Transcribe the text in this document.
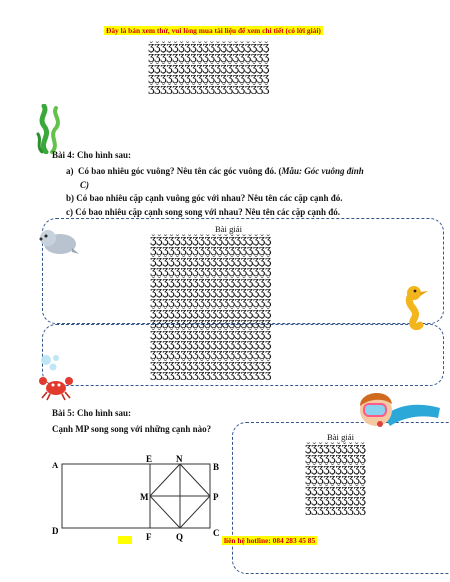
Đây là bản xem thử, vui lòng mua tài liệu để xem chi tiết (có lời giải)
ǮǮǮǮǮǮǮǮǮǮǮǮǮǮǮǮǮǮǮǮ
ǮǮǮǮǮǮǮǮǮǮǮǮǮǮǮǮǮǮǮǮ
ǮǮǮǮǮǮǮǮǮǮǮǮǮǮǮǮǮǮǮǮ
ǮǮǮǮǮǮǮǮǮǮǮǮǮǮǮǮǮǮǮǮ
ǮǮǮǮǮǮǮǮǮǮǮǮǮǮǮǮǮǮǮǮ
Bài 4: Cho hình sau:
a) Có bao nhiêu góc vuông? Nêu tên các góc vuông đó. (Mẫu: Góc vuông đỉnh
C)
b) Có bao nhiêu cặp cạnh vuông góc với nhau? Nêu tên các cặp cạnh đó.
c) Có bao nhiêu cặp cạnh song song với nhau? Nêu tên các cặp cạnh đó.
Bài giải
ǮǮǮǮǮǮǮǮǮǮǮǮǮǮǮǮǮǮǮǮ
ǮǮǮǮǮǮǮǮǮǮǮǮǮǮǮǮǮǮǮǮ
ǮǮǮǮǮǮǮǮǮǮǮǮǮǮǮǮǮǮǮǮ
ǮǮǮǮǮǮǮǮǮǮǮǮǮǮǮǮǮǮǮǮ
ǮǮǮǮǮǮǮǮǮǮǮǮǮǮǮǮǮǮǮǮ
ǮǮǮǮǮǮǮǮǮǮǮǮǮǮǮǮǮǮǮǮ
ǮǮǮǮǮǮǮǮǮǮǮǮǮǮǮǮǮǮǮǮ
ǮǮǮǮǮǮǮǮǮǮǮǮǮǮǮǮǮǮǮǮ
ǮǮǮǮǮǮǮǮǮǮǮǮǮǮǮǮǮǮǮǮ
ǮǮǮǮǮǮǮǮǮǮǮǮǮǮǮǮǮǮǮǮ
ǮǮǮǮǮǮǮǮǮǮǮǮǮǮǮǮǮǮǮǮ
ǮǮǮǮǮǮǮǮǮǮǮǮǮǮǮǮǮǮǮǮ
ǮǮǮǮǮǮǮǮǮǮǮǮǮǮǮǮǮǮǮǮ
ǮǮǮǮǮǮǮǮǮǮǮǮǮǮǮǮǮǮǮǮ
Bài 5: Cho hình sau:
Cạnh MP song song với những cạnh nào?
Bài giải
ǮǮǮǮǮǮǮǮǮǮ
ǮǮǮǮǮǮǮǮǮǮ
ǮǮǮǮǮǮǮǮǮǮ
ǮǮǮǮǮǮǮǮǮǮ
ǮǮǮǮǮǮǮǮǮǮ
ǮǮǮǮǮǮǮǮǮǮ
ǮǮǮǮǮǮǮǮǮǮ
A	B
C
D
E	N
M	P
F	Q	liên hệ hotline: 084 283 45 85
